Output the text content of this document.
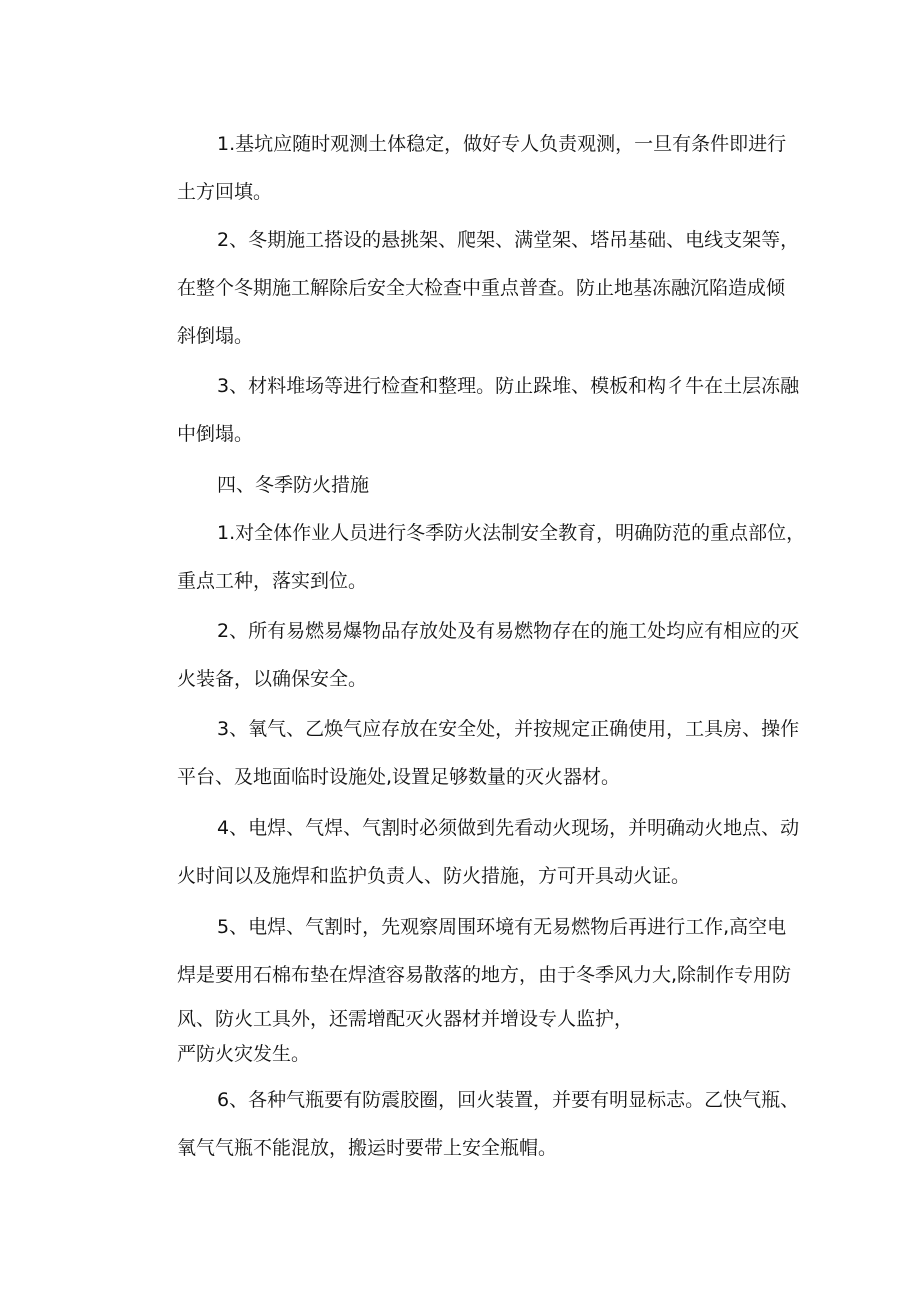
1.基坑应随时观测土体稳定，做好专人负责观测，一旦有条件即进行
土方回填。
2、冬期施工搭设的悬挑架、爬架、满堂架、塔吊基础、电线支架等，
在整个冬期施工解除后安全大检查中重点普查。防止地基冻融沉陷造成倾
斜倒塌。
3、材料堆场等进行检查和整理。防止跺堆、模板和构彳牛在土层冻融
中倒塌。
四、冬季防火措施
1.对全体作业人员进行冬季防火法制安全教育，明确防范的重点部位，
重点工种，落实到位。
2、所有易燃易爆物品存放处及有易燃物存在的施工处均应有相应的灭
火装备，以确保安全。
3、氧气、乙焕气应存放在安全处，并按规定正确使用，工具房、操作
平台、及地面临时设施处,设置足够数量的灭火器材。
4、电焊、气焊、气割时必须做到先看动火现场，并明确动火地点、动
火时间以及施焊和监护负责人、防火措施，方可开具动火证。
5、电焊、气割时，先观察周围环境有无易燃物后再进行工作,高空电
焊是要用石棉布垫在焊渣容易散落的地方，由于冬季风力大,除制作专用防
风、防火工具外，还需增配灭火器材并增设专人监护，
严防火灾发生。
6、各种气瓶要有防震胶圈，回火装置，并要有明显标志。乙快气瓶、
氧气气瓶不能混放，搬运时要带上安全瓶帽。
